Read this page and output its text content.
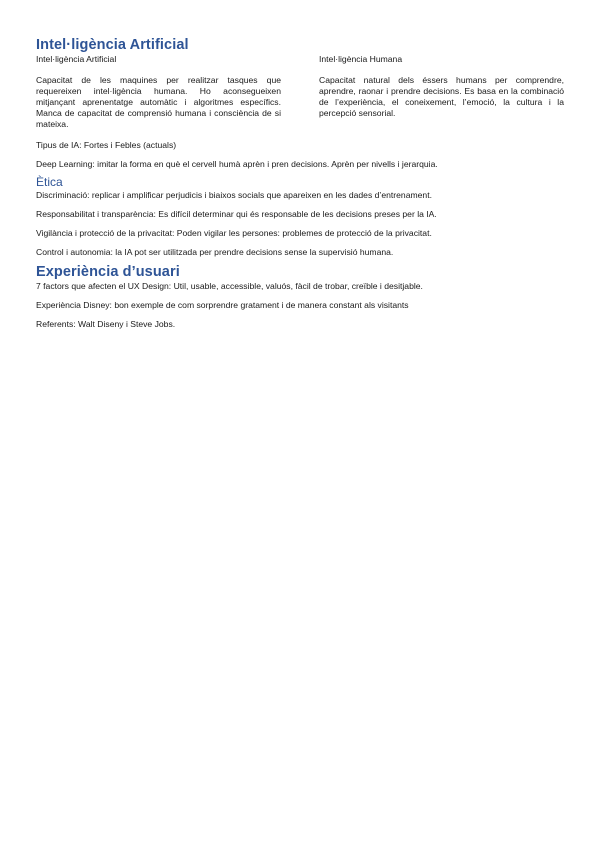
Intel·ligència Artificial
Intel·ligència Artificial

Capacitat de les maquines per realitzar tasques que requereixen intel·ligència humana. Ho aconsegueixen mitjançant aprenentatge automàtic i algoritmes específics. Manca de capacitat de comprensió humana i consciència de si mateixa.

Intel·ligència Humana

Capacitat natural dels éssers humans per comprendre, aprendre, raonar i prendre decisions. Es basa en la combinació de l’experiència, el coneixement, l’emoció, la cultura i la percepció sensorial.

Tipus de IA: Fortes i Febles (actuals)

Deep Learning: imitar la forma en què el cervell humà aprèn i pren decisions. Aprèn per nivells i jerarquia.

Ètica

Discriminació: replicar i amplificar perjudicis i biaixos socials que apareixen en les dades d’entrenament.

Responsabilitat i transparència: Es difícil determinar qui és responsable de les decisions preses per la IA.

Vigilància i protecció de la privacitat: Poden vigilar les persones: problemes de protecció de la privacitat.

Control i autonomia: la IA pot ser utilitzada per prendre decisions sense la supervisió humana.

Experiència d’usuari

7 factors que afecten el UX Design: Util, usable, accessible, valuós, fàcil de trobar, creïble i desitjable.

Experiència Disney: bon exemple de com sorprendre gratament i de manera constant als visitants

Referents: Walt Diseny i Steve Jobs.
